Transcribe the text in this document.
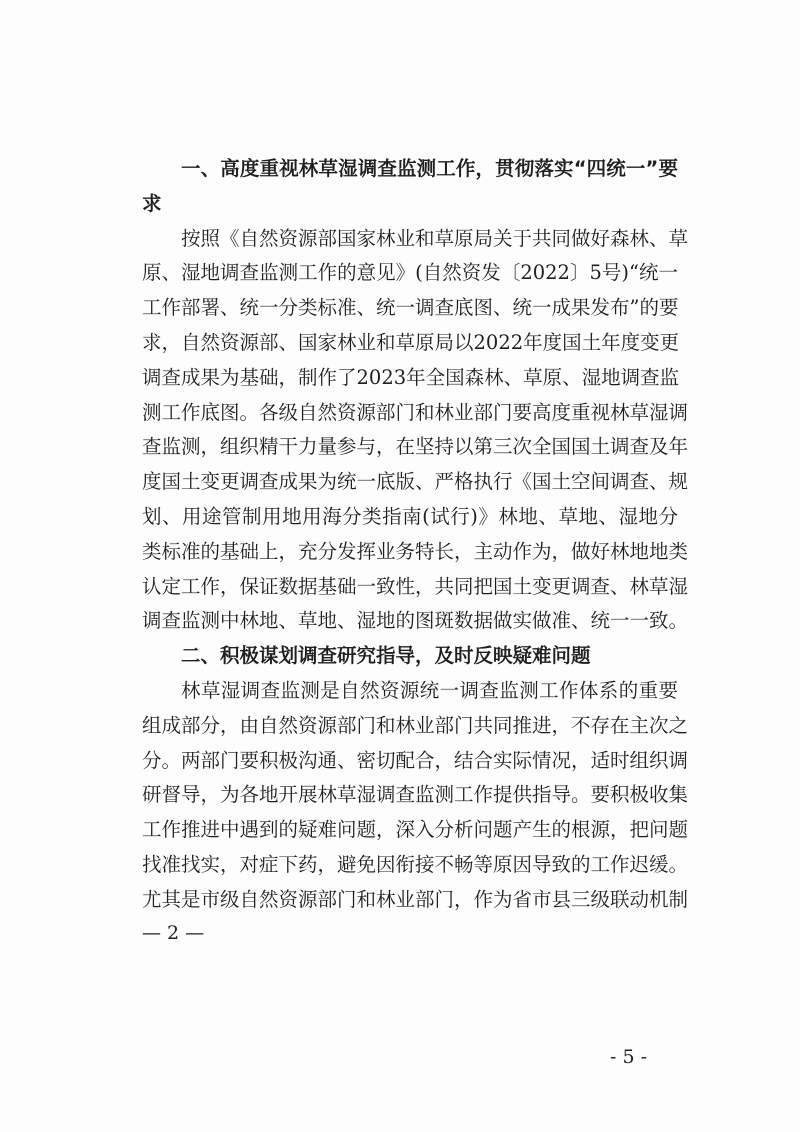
一、高度重视林草湿调查监测工作，贯彻落实“四统一”要
求
按照《自然资源部国家林业和草原局关于共同做好森林、草
原、湿地调查监测工作的意见》(自然资发〔2022〕5号)“统一
工作部署、统一分类标准、统一调查底图、统一成果发布”的要
求，自然资源部、国家林业和草原局以2022年度国土年度变更
调查成果为基础，制作了2023年全国森林、草原、湿地调查监
测工作底图。各级自然资源部门和林业部门要高度重视林草湿调
查监测，组织精干力量参与，在坚持以第三次全国国土调查及年
度国土变更调查成果为统一底版、严格执行《国土空间调查、规
划、用途管制用地用海分类指南(试行)》林地、草地、湿地分
类标准的基础上，充分发挥业务特长，主动作为，做好林地地类
认定工作，保证数据基础一致性，共同把国土变更调查、林草湿
调查监测中林地、草地、湿地的图斑数据做实做准、统一一致。
二、积极谋划调查研究指导，及时反映疑难问题
林草湿调查监测是自然资源统一调查监测工作体系的重要
组成部分，由自然资源部门和林业部门共同推进，不存在主次之
分。两部门要积极沟通、密切配合，结合实际情况，适时组织调
研督导，为各地开展林草湿调查监测工作提供指导。要积极收集
工作推进中遇到的疑难问题，深入分析问题产生的根源，把问题
找准找实，对症下药，避免因衔接不畅等原因导致的工作迟缓。
尤其是市级自然资源部门和林业部门，作为省市县三级联动机制
— 2 —
- 5 -
